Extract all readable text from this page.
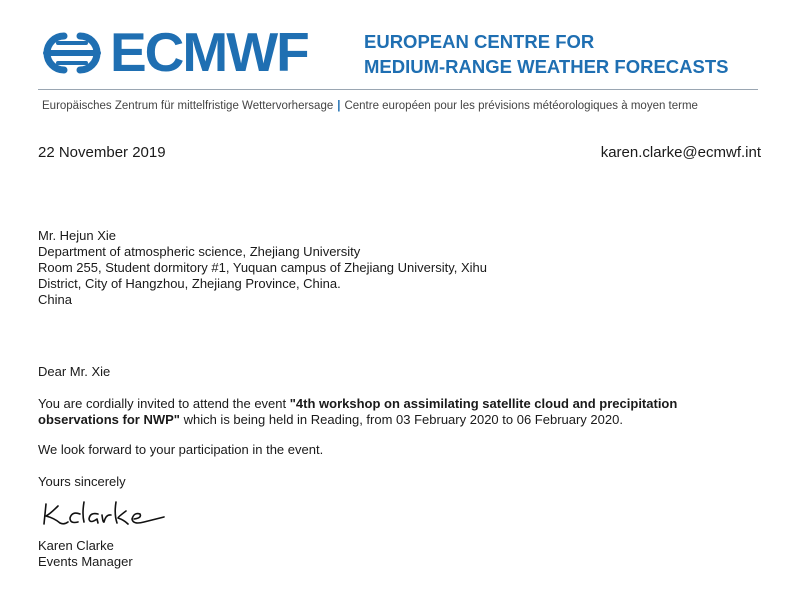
ECMWF	EUROPEAN CENTRE FOR
MEDIUM-RANGE WEATHER FORECASTS
Europäisches Zentrum für mittelfristige Wettervorhersage | Centre européen pour les prévisions météorologiques à moyen terme
22 November 2019	karen.clarke@ecmwf.int
Mr. Hejun Xie
Department of atmospheric science, Zhejiang University
Room 255, Student dormitory #1, Yuquan campus of Zhejiang University, Xihu
District, City of Hangzhou, Zhejiang Province, China.
China
Dear Mr. Xie
You are cordially invited to attend the event "4th workshop on assimilating satellite cloud and precipitation observations for NWP" which is being held in Reading, from 03 February 2020 to 06 February 2020.
We look forward to your participation in the event.
Yours sincerely
Karen Clarke
Events Manager
